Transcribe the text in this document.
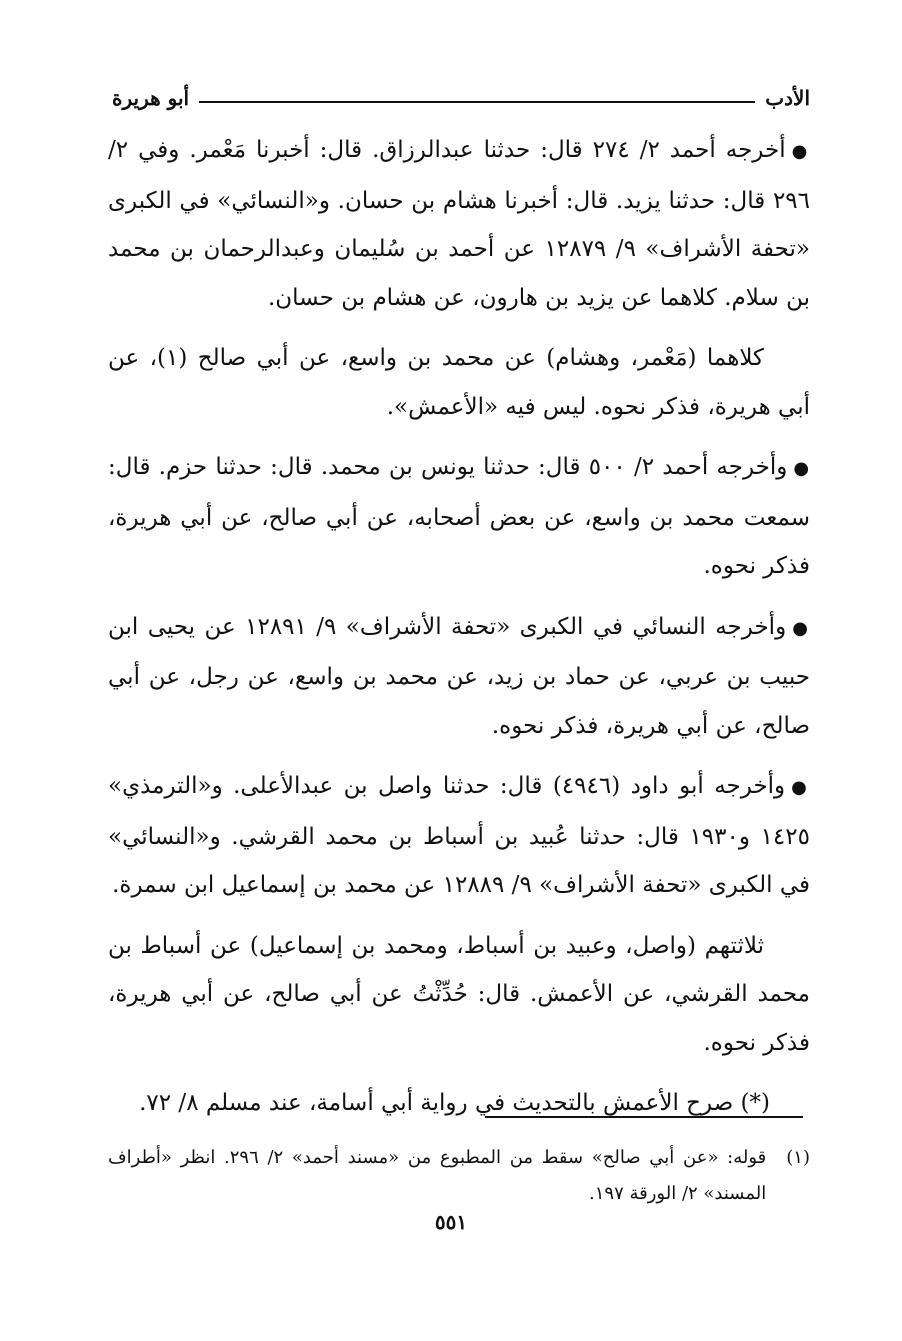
الأدب
أبو هريرة

● أخرجه أحمد ٢/ ٢٧٤ قال: حدثنا عبدالرزاق. قال: أخبرنا مَعْمر. وفي ٢/ ٢٩٦ قال: حدثنا يزيد. قال: أخبرنا هشام بن حسان. و«النسائي» في الكبرى «تحفة الأشراف» ٩/ ١٢٨٧٩ عن أحمد بن سُليمان وعبدالرحمان بن محمد بن سلام. كلاهما عن يزيد بن هارون، عن هشام بن حسان.

كلاهما (مَعْمر، وهشام) عن محمد بن واسع، عن أبي صالح (١)، عن أبي هريرة، فذكر نحوه. ليس فيه «الأعمش».

● وأخرجه أحمد ٢/ ٥٠٠ قال: حدثنا يونس بن محمد. قال: حدثنا حزم. قال: سمعت محمد بن واسع، عن بعض أصحابه، عن أبي صالح، عن أبي هريرة، فذكر نحوه.

● وأخرجه النسائي في الكبرى «تحفة الأشراف» ٩/ ١٢٨٩١ عن يحيى ابن حبيب بن عربي، عن حماد بن زيد، عن محمد بن واسع، عن رجل، عن أبي صالح، عن أبي هريرة، فذكر نحوه.

● وأخرجه أبو داود (٤٩٤٦) قال: حدثنا واصل بن عبدالأعلى. و«الترمذي» ١٤٢٥ و١٩٣٠ قال: حدثنا عُبيد بن أسباط بن محمد القرشي. و«النسائي» في الكبرى «تحفة الأشراف» ٩/ ١٢٨٨٩ عن محمد بن إسماعيل ابن سمرة.

ثلاثتهم (واصل، وعبيد بن أسباط، ومحمد بن إسماعيل) عن أسباط بن محمد القرشي، عن الأعمش. قال: حُدِّثْتُ عن أبي صالح، عن أبي هريرة، فذكر نحوه.

(*) صرح الأعمش بالتحديث في رواية أبي أسامة، عند مسلم ٨/ ٧٢.

(١)
قوله: «عن أبي صالح» سقط من المطبوع من «مسند أحمد» ٢/ ٢٩٦. انظر «أطراف المسند» ٢/ الورقة ١٩٧.
٥٥١
